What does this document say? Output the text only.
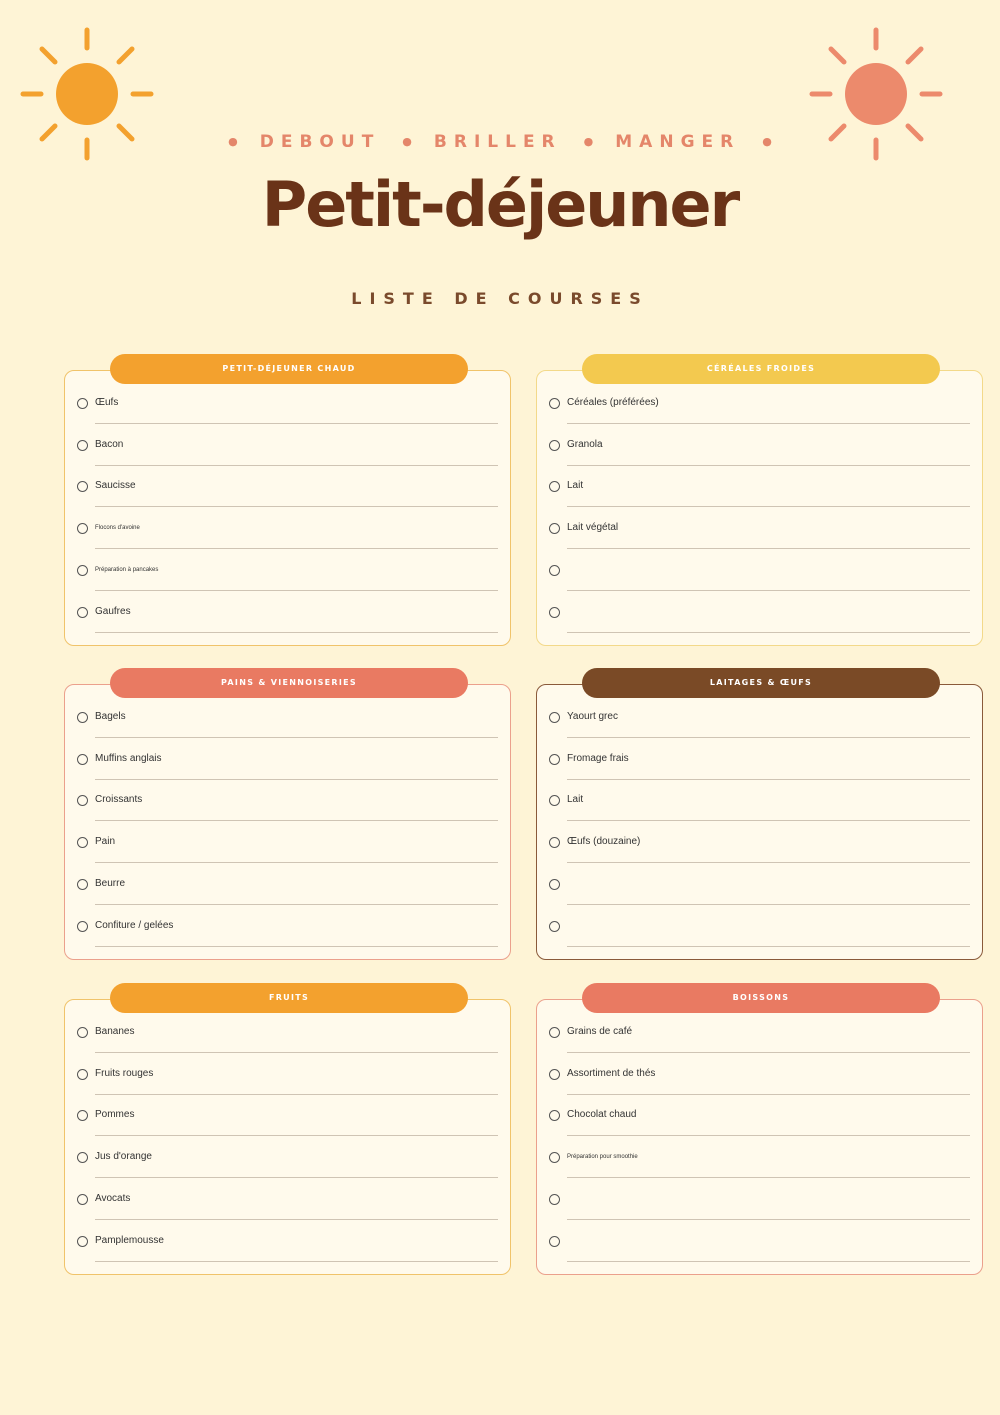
● DEBOUT ● BRILLER ● MANGER ●
Petit-déjeuner
LISTE DE COURSES
PETIT-DÉJEUNER CHAUD
Œufs
Bacon
Saucisse
Flocons d'avoine
Préparation à pancakes
Gaufres
CÉRÉALES FROIDES
Céréales (préférées)
Granola
Lait
Lait végétal
PAINS & VIENNOISERIES
Bagels
Muffins anglais
Croissants
Pain
Beurre
Confiture / gelées
LAITAGES & ŒUFS
Yaourt grec
Fromage frais
Lait
Œufs (douzaine)
FRUITS
Bananes
Fruits rouges
Pommes
Jus d'orange
Avocats
Pamplemousse
BOISSONS
Grains de café
Assortiment de thés
Chocolat chaud
Préparation pour smoothie
